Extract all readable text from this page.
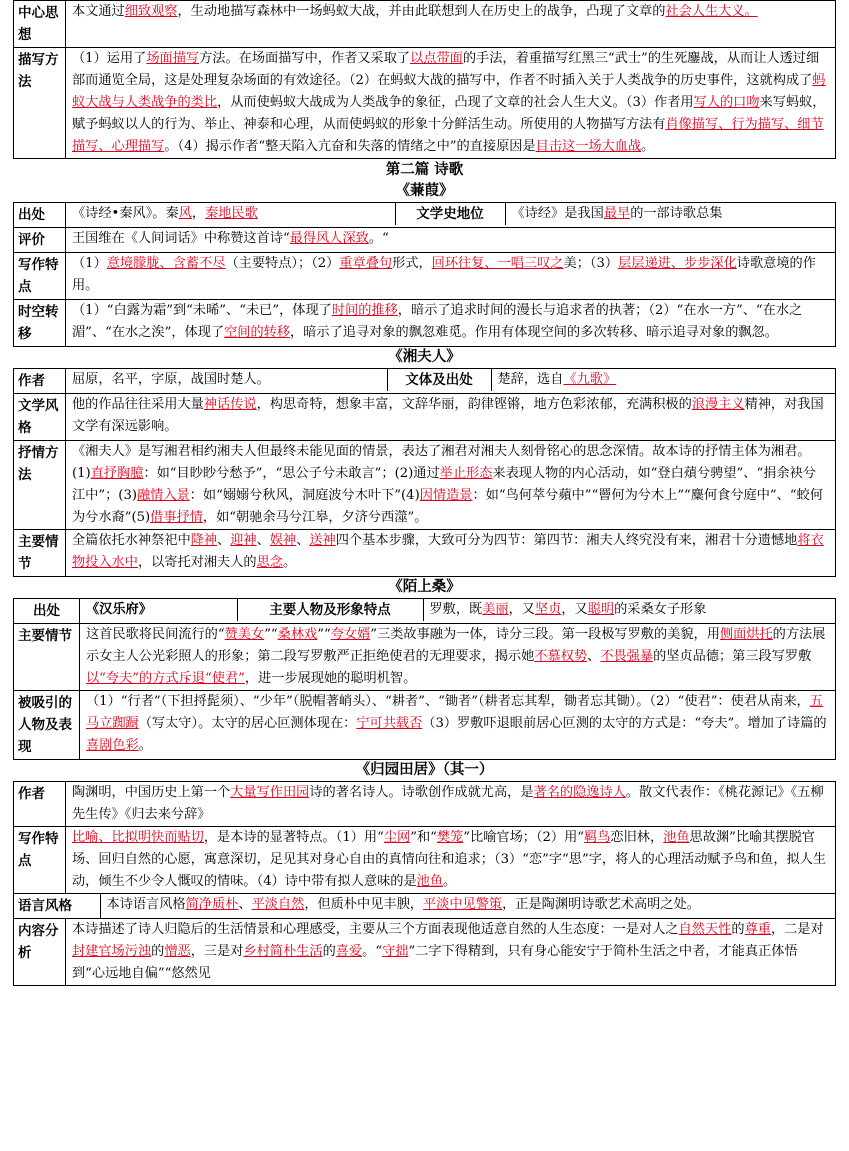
中心思想	本文通过细致观察，生动地描写森林中一场蚂蚁大战，并由此联想到人在历史上的战争，凸现了文章的社会人生大义。
描写方法	（1）运用了场面描写方法。在场面描写中，作者又采取了以点带面的手法，着重描写红黑三“武士”的生死鏖战，从而让人透过细部而通览全局，这是处理复杂场面的有效途径。（2）在蚂蚁大战的描写中，作者不时插入关于人类战争的历史事件，这就构成了蚂蚁大战与人类战争的类比，从而使蚂蚁大战成为人类战争的象征，凸现了文章的社会人生大义。（3）作者用写人的口吻来写蚂蚁，赋予蚂蚁以人的行为、举止、神泰和心理，从而使蚂蚁的形象十分鲜活生动。所使用的人物描写方法有肖像描写、行为描写、细节描写、心理描写。（4）揭示作者“整天陷入亢奋和失落的情绪之中”的直接原因是目击这一场大血战。
第二篇 诗歌
《蒹葭》
出处	《诗经•秦风》。秦风，秦地民歌	文学史地位	《诗经》是我国最早的一部诗歌总集

评价	王国维在《人间词话》中称赞这首诗“最得风人深致。“
写作特点	（1）意境朦胧、含蓄不尽（主要特点）；（2）重章叠句形式，回环往复、一唱三叹之美；（3）层层递进、步步深化诗歌意境的作用。
时空转移	（1）“白露为霜”到“未晞”、“未已”，体现了时间的推移，暗示了追求时间的漫长与追求者的执著；（2）“在水一方”、“在水之湄”、“在水之涘”，体现了空间的转移，暗示了追寻对象的飘忽难觅。作用有体现空间的多次转移、暗示追寻对象的飘忽。
《湘夫人》
作者	屈原，名平，字原，战国时楚人。	文体及出处	楚辞，选自《九歌》

文学风格	他的作品往往采用大量神话传说，构思奇特，想象丰富，文辞华丽，韵律铿锵，地方色彩浓郁，充满积极的浪漫主义精神，对我国文学有深远影响。
抒情方法	《湘夫人》是写湘君相约湘夫人但最终未能见面的情景，表达了湘君对湘夫人刻骨铭心的思念深情。故本诗的抒情主体为湘君。(1)直抒胸臆：如“目眇眇兮愁予”，“思公子兮未敢言”；(2)通过举止形态来表现人物的内心活动，如“登白薠兮骋望”、“捐余袂兮江中”；(3)融情入景：如“嫋嫋兮秋风，洞庭波兮木叶下”(4)因情造景：如“鸟何萃兮蘋中”“罾何为兮木上”“麋何食兮庭中”、“蛟何为兮水裔”(5)借事抒情，如“朝驰余马兮江皋，夕济兮西澨”。
主要情节	全篇依托水神祭祀中降神、迎神、娱神、送神四个基本步骤，大致可分为四节：第四节：湘夫人终究没有来，湘君十分遗憾地将衣物投入水中，以寄托对湘夫人的思念。
《陌上桑》
出处	《汉乐府》	主要人物及形象特点	罗敷，既美丽，又坚贞，又聪明的采桑女子形象

主要情节	这首民歌将民间流行的“赞美女”“桑林戏”“夸女婿”三类故事融为一体，诗分三段。第一段极写罗敷的美貌，用侧面烘托的方法展示女主人公光彩照人的形象；第二段写罗敷严正拒绝使君的无理要求，揭示她不慕权势、不畏强暴的坚贞品德；第三段写罗敷以“夸夫”的方式斥退“使君”，进一步展现她的聪明机智。
被吸引的人物及表现	（1）“行者”（下担捋髭须）、“少年”（脱帽著峭头）、“耕者”、“锄者”（耕者忘其犁，锄者忘其锄）。（2）“使君”：使君从南来，五马立踟蹰（写太守）。太守的居心叵测体现在：宁可共载否（3）罗敷吓退眼前居心叵测的太守的方式是：“夸夫”。增加了诗篇的喜剧色彩。
《归园田居》（其一）
作者	陶渊明，中国历史上第一个大量写作田园诗的著名诗人。诗歌创作成就尤高，是著名的隐逸诗人。散文代表作：《桃花源记》《五柳先生传》《归去来兮辞》
写作特点	比喻、比拟明快而贴切，是本诗的显著特点。（1）用“尘网”和“樊笼”比喻官场；（2）用“羁鸟恋旧林，池鱼思故渊”比喻其摆脱官场、回归自然的心愿，寓意深切，足见其对身心自由的真情向往和追求；（3）“恋”字“思”字，将人的心理活动赋予鸟和鱼，拟人生动，倾生不少令人慨叹的情味。（4）诗中带有拟人意味的是池鱼。

语言风格	本诗语言风格简净质朴、平淡自然，但质朴中见丰腴，平淡中见警策，正是陶渊明诗歌艺术高明之处。

内容分析	本诗描述了诗人归隐后的生活情景和心理感受，主要从三个方面表现他适意自然的人生态度：一是对人之自然天性的尊重，二是对封建官场污浊的憎恶，三是对乡村简朴生活的喜爱。“守拙”二字下得精到，只有身心能安宁于简朴生活之中者，才能真正体悟到“心远地自偏”“悠然见
